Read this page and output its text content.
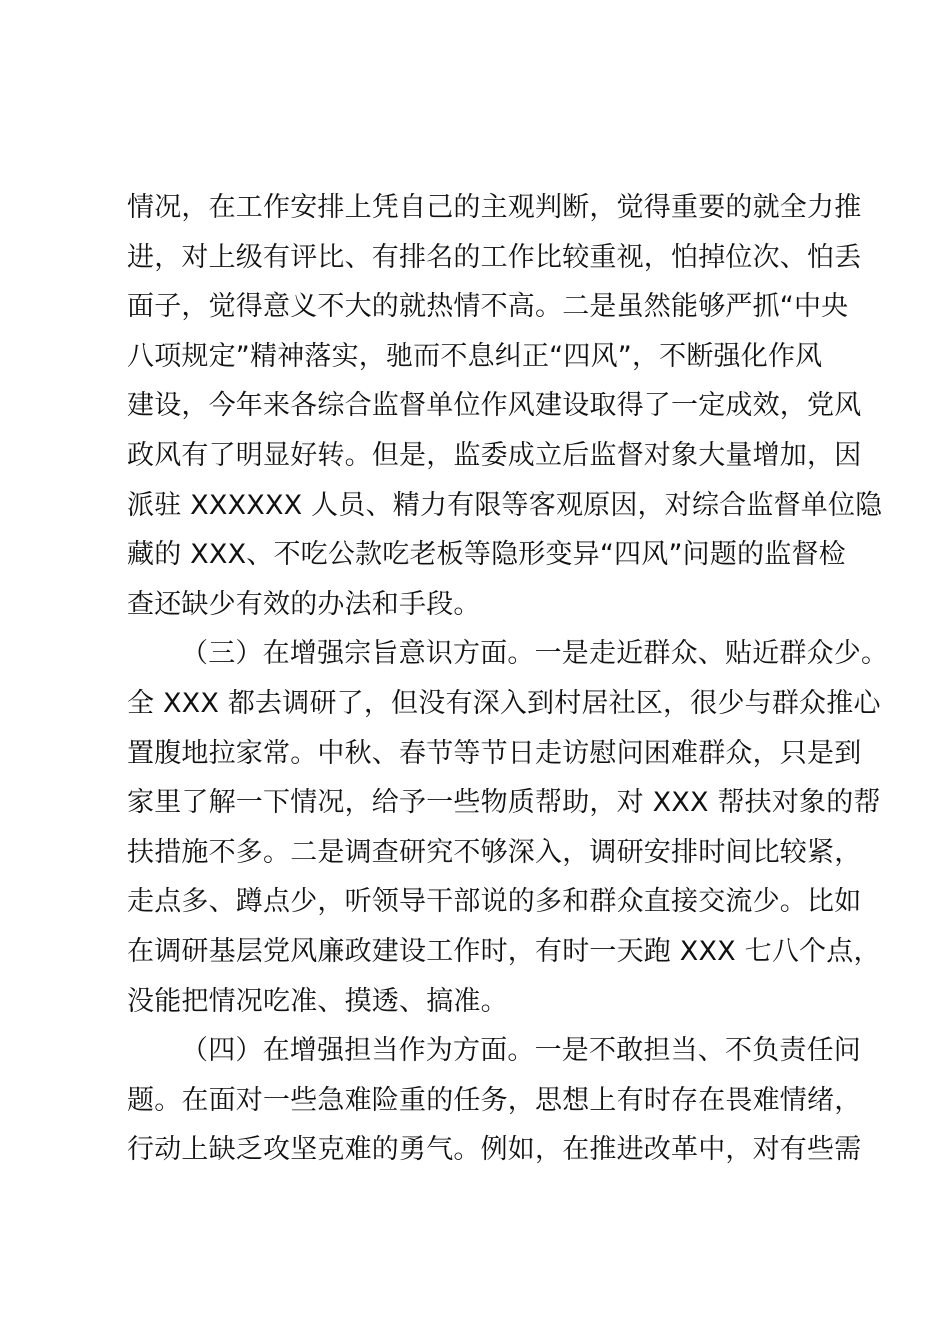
情况，在工作安排上凭自己的主观判断，觉得重要的就全力推
进，对上级有评比、有排名的工作比较重视，怕掉位次、怕丢
面子，觉得意义不大的就热情不高。二是虽然能够严抓“中央
八项规定”精神落实，驰而不息纠正“四风”，不断强化作风
建设，今年来各综合监督单位作风建设取得了一定成效，党风
政风有了明显好转。但是，监委成立后监督对象大量增加，因
派驻 XXXXXX 人员、精力有限等客观原因，对综合监督单位隐
藏的 XXX、不吃公款吃老板等隐形变异“四风”问题的监督检
查还缺少有效的办法和手段。
（三）在增强宗旨意识方面。一是走近群众、贴近群众少。
全 XXX 都去调研了，但没有深入到村居社区，很少与群众推心
置腹地拉家常。中秋、春节等节日走访慰问困难群众，只是到
家里了解一下情况，给予一些物质帮助，对 XXX 帮扶对象的帮
扶措施不多。二是调查研究不够深入，调研安排时间比较紧，
走点多、蹲点少，听领导干部说的多和群众直接交流少。比如
在调研基层党风廉政建设工作时，有时一天跑 XXX 七八个点，
没能把情况吃准、摸透、搞准。
（四）在增强担当作为方面。一是不敢担当、不负责任问
题。在面对一些急难险重的任务，思想上有时存在畏难情绪，
行动上缺乏攻坚克难的勇气。例如，在推进改革中，对有些需
